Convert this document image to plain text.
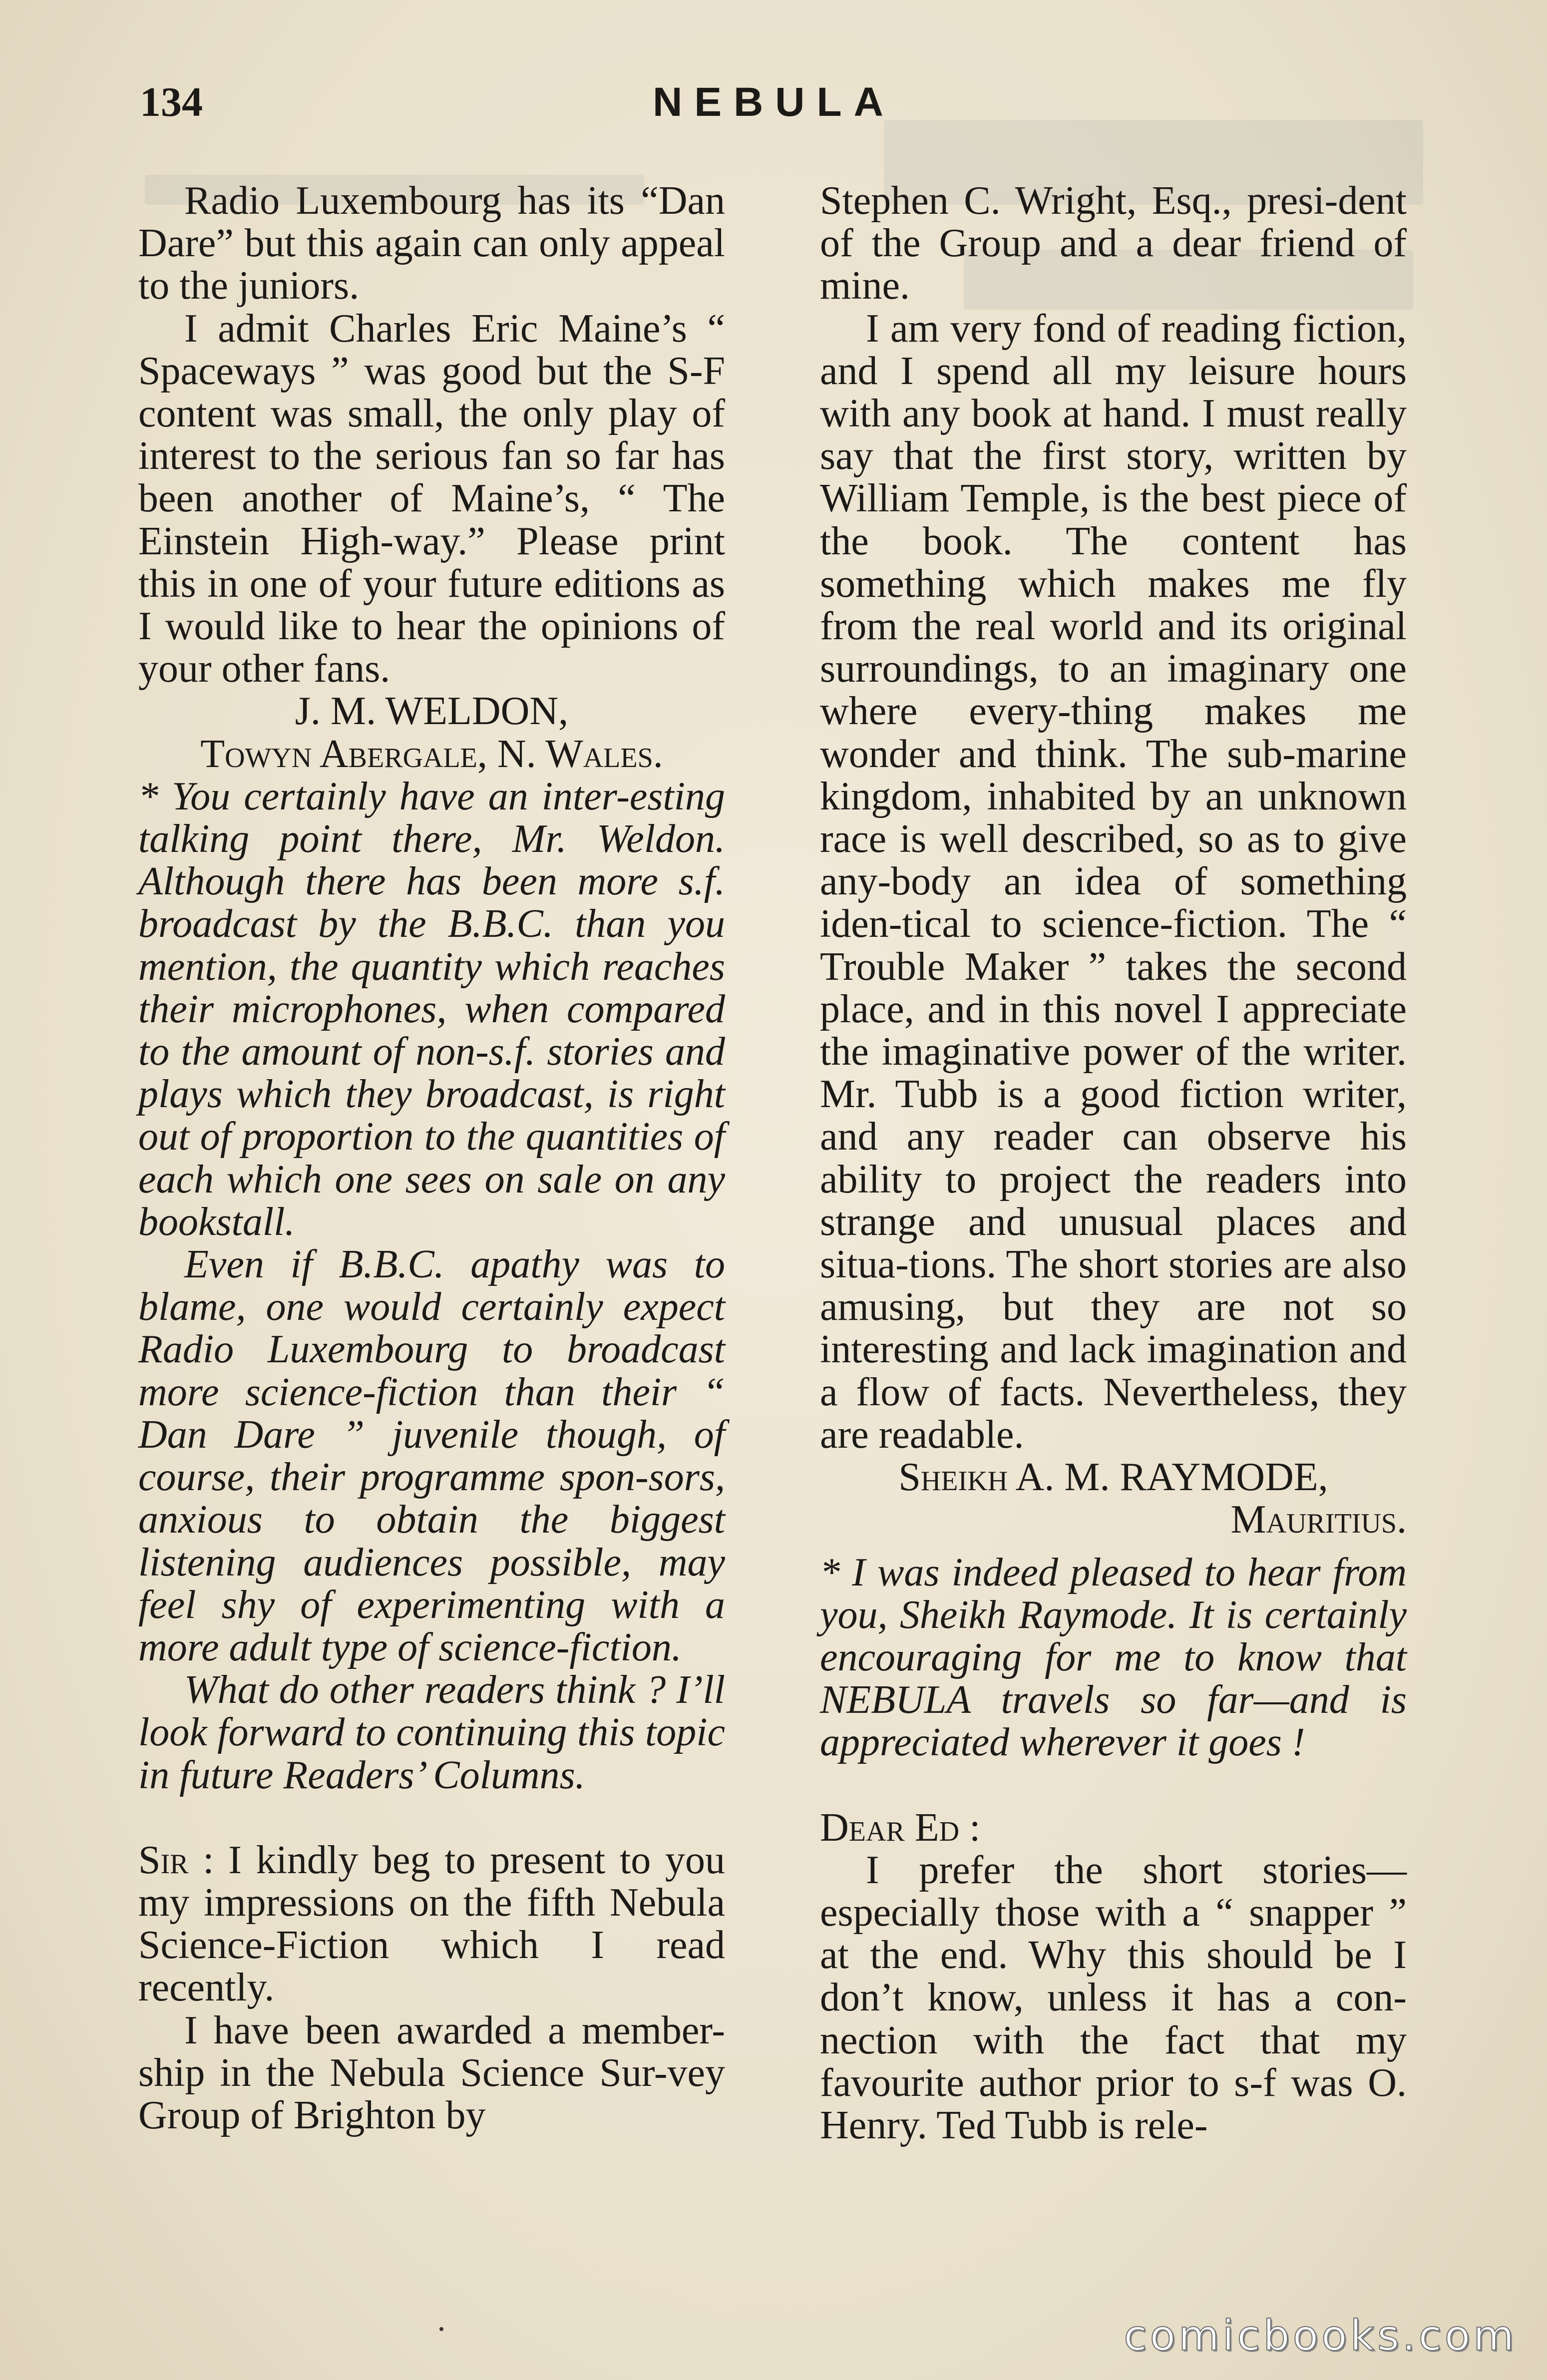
134	NEBULA

Radio Luxembourg has its “Dan Dare” but this again can only appeal to the juniors.

I admit Charles Eric Maine’s “ Spaceways ” was good but the S-F content was small, the only play of interest to the serious fan so far has been another of Maine’s, “ The Einstein High-way.” Please print this in one of your future editions as I would like to hear the opinions of your other fans.

J. M. WELDON,

Towyn Abergale, N. Wales.

* You certainly have an inter-esting talking point there, Mr. Weldon. Although there has been more s.f. broadcast by the B.B.C. than you mention, the quantity which reaches their microphones, when compared to the amount of non-s.f. stories and plays which they broadcast, is right out of proportion to the quantities of each which one sees on sale on any bookstall.

Even if B.B.C. apathy was to blame, one would certainly expect Radio Luxembourg to broadcast more science-fiction than their “ Dan Dare ” juvenile though, of course, their programme spon-sors, anxious to obtain the biggest listening audiences possible, may feel shy of experimenting with a more adult type of science-fiction.

What do other readers think ? I’ll look forward to continuing this topic in future Readers’ Columns.

Sir : I kindly beg to present to you my impressions on the fifth Nebula Science-Fiction which I read recently.

I have been awarded a member-ship in the Nebula Science Sur-vey Group of Brighton by

Stephen C. Wright, Esq., presi-dent of the Group and a dear friend of mine.

I am very fond of reading fiction, and I spend all my leisure hours with any book at hand. I must really say that the first story, written by William Temple, is the best piece of the book. The content has something which makes me fly from the real world and its original surroundings, to an imaginary one where every-thing makes me wonder and think. The sub-marine kingdom, inhabited by an unknown race is well described, so as to give any-body an idea of something iden-tical to science-fiction. The “ Trouble Maker ” takes the second place, and in this novel I appreciate the imaginative power of the writer. Mr. Tubb is a good fiction writer, and any reader can observe his ability to project the readers into strange and unusual places and situa-tions. The short stories are also amusing, but they are not so interesting and lack imagination and a flow of facts. Nevertheless, they are readable.

Sheikh A. M. RAYMODE,

Mauritius.

* I was indeed pleased to hear from you, Sheikh Raymode. It is certainly encouraging for me to know that NEBULA travels so far—and is appreciated wherever it goes !

Dear Ed :

I prefer the short stories— especially those with a “ snapper ” at the end. Why this should be I don’t know, unless it has a con-nection with the fact that my favourite author prior to s-f was O. Henry. Ted Tubb is rele-

comicbooks.com
